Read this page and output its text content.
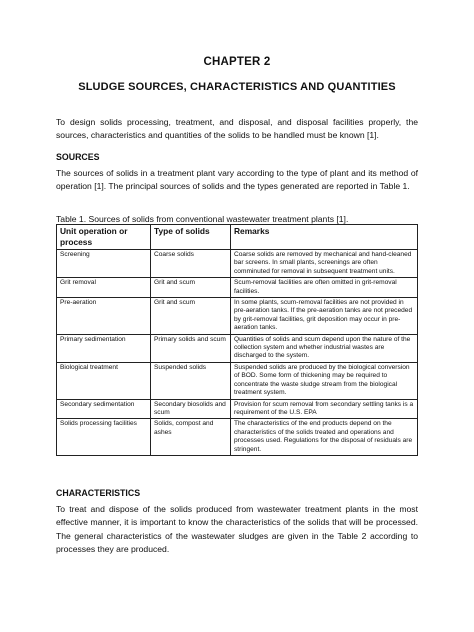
CHAPTER 2
SLUDGE SOURCES, CHARACTERISTICS AND QUANTITIES
To design solids processing, treatment, and disposal, and disposal facilities properly, the sources, characteristics and quantities of the solids to be handled must be known [1].
SOURCES
The sources of solids in a treatment plant vary according to the type of plant and its method of operation [1]. The principal sources of solids and the types generated are reported in Table 1.
Table 1. Sources of solids from conventional wastewater treatment plants [1].
Unit operation or process	Type of solids	Remarks
Screening	Coarse solids	Coarse solids are removed by mechanical and hand-cleaned bar screens. In small plants, screenings are often comminuted for removal in subsequent treatment units.
Grit removal	Grit and scum	Scum-removal facilities are often omitted in grit-removal facilities.
Pre-aeration	Grit and scum	In some plants, scum-removal facilities are not provided in pre-aeration tanks. If the pre-aeration tanks are not preceded by grit-removal facilities, grit deposition may occur in pre-aeration tanks.
Primary sedimentation	Primary solids and scum	Quantities of solids and scum depend upon the nature of the collection system and whether industrial wastes are discharged to the system.
Biological treatment	Suspended solids	Suspended solids are produced by the biological conversion of BOD. Some form of thickening may be required to concentrate the waste sludge stream from the biological treatment system.
Secondary sedimentation	Secondary biosolids and scum	Provision for scum removal from secondary settling tanks is a requirement of the U.S. EPA
Solids processing facilities	Solids, compost and ashes	The characteristics of the end products depend on the characteristics of the solids treated and operations and processes used. Regulations for the disposal of residuals are stringent.
CHARACTERISTICS
To treat and dispose of the solids produced from wastewater treatment plants in the most effective manner, it is important to know the characteristics of the solids that will be processed. The general characteristics of the wastewater sludges are given in the Table 2 according to processes they are produced.
